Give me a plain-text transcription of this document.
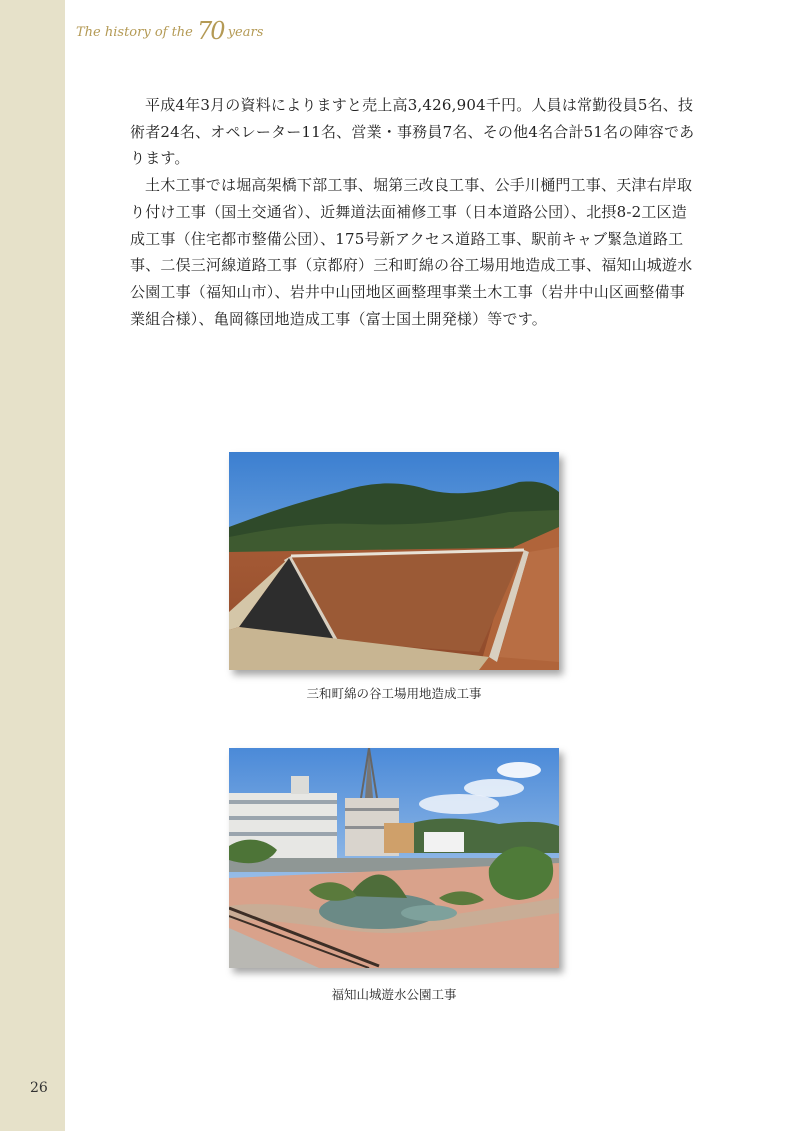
The history of the 70 years

平成4年3月の資料によりますと売上高3,426,904千円。人員は常勤役員5名、技術者24名、オペレーター11名、営業・事務員7名、その他4名合計51名の陣容であります。

土木工事では堀高架橋下部工事、堀第三改良工事、公手川樋門工事、天津右岸取り付け工事（国土交通省）、近舞道法面補修工事（日本道路公団）、北摂8-2工区造成工事（住宅都市整備公団）、175号新アクセス道路工事、駅前キャブ緊急道路工事、二俣三河線道路工事（京都府）三和町綿の谷工場用地造成工事、福知山城遊水公園工事（福知山市）、岩井中山団地区画整理事業土木工事（岩井中山区画整備事業組合様）、亀岡篠団地造成工事（富士国土開発様）等です。

三和町綿の谷工場用地造成工事
福知山城遊水公園工事
26
